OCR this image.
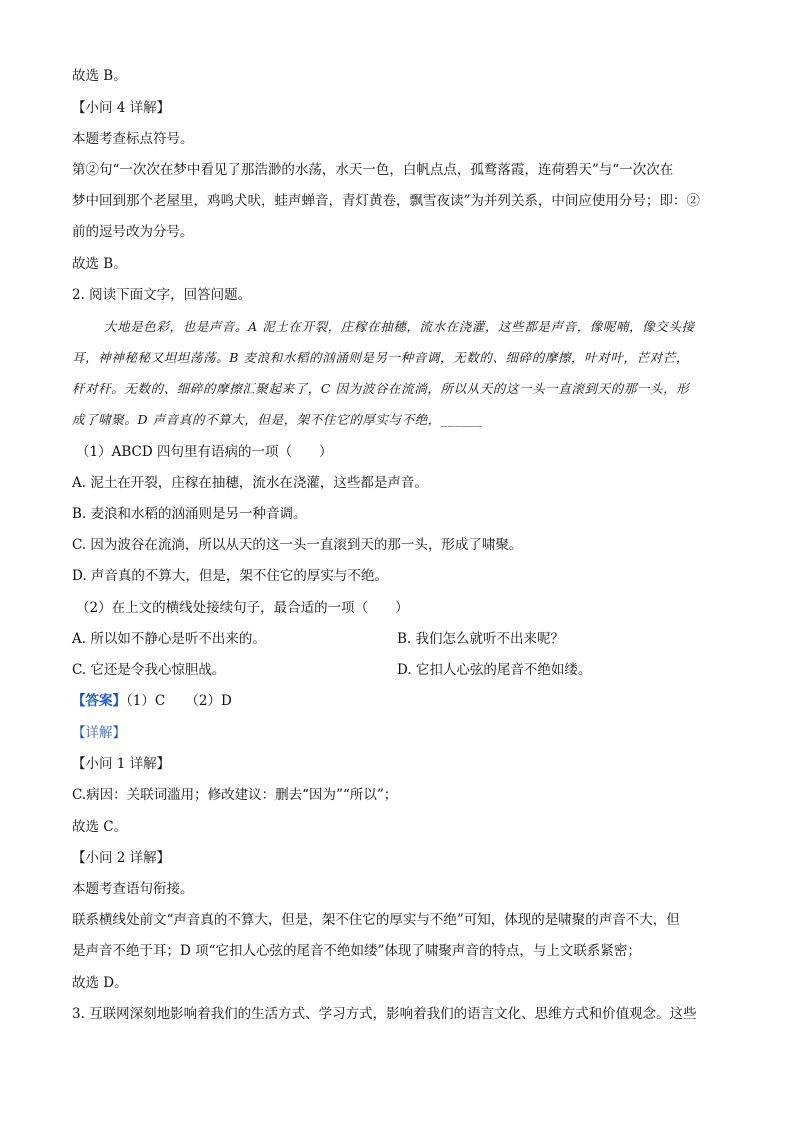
故选 B。
【小问 4 详解】
本题考查标点符号。
第②句“一次次在梦中看见了那浩渺的水荡，水天一色，白帆点点，孤鹜落霞，连荷碧天”与“一次次在
梦中回到那个老屋里，鸡鸣犬吠，蛙声蝉音，青灯黄卷，飘雪夜读”为并列关系，中间应使用分号；即：②
前的逗号改为分号。
故选 B。
2. 阅读下面文字，回答问题。
大地是色彩，也是声音。A 泥土在开裂，庄稼在抽穗，流水在浇灌，这些都是声音，像呢喃，像交头接
耳，神神秘秘又坦坦荡荡。B 麦浪和水稻的汹涌则是另一种音调，无数的、细碎的摩擦，叶对叶，芒对芒，
秆对秆。无数的、细碎的摩擦汇聚起来了，C 因为波谷在流淌，所以从天的这一头一直滚到天的那一头，形
成了啸聚。D 声音真的不算大，但是，架不住它的厚实与不绝，______
（1）ABCD 四句里有语病的一项（　　）
A. 泥土在开裂，庄稼在抽穗，流水在浇灌，这些都是声音。
B. 麦浪和水稻的汹涌则是另一种音调。
C. 因为波谷在流淌，所以从天的这一头一直滚到天的那一头，形成了啸聚。
D. 声音真的不算大，但是，架不住它的厚实与不绝。
（2）在上文的横线处接续句子，最合适的一项（　　）
A. 所以如不静心是听不出来的。	B. 我们怎么就听不出来呢？
C. 它还是令我心惊胆战。	D. 它扣人心弦的尾音不绝如缕。
【答案】（1）C　　（2）D
【详解】
【小问 1 详解】
C.病因：关联词滥用；修改建议：删去“因为”“所以”；
故选 C。
【小问 2 详解】
本题考查语句衔接。
联系横线处前文“声音真的不算大，但是，架不住它的厚实与不绝”可知，体现的是啸聚的声音不大，但
是声音不绝于耳；D 项“它扣人心弦的尾音不绝如缕”体现了啸聚声音的特点，与上文联系紧密；
故选 D。
3. 互联网深刻地影响着我们的生活方式、学习方式，影响着我们的语言文化、思维方式和价值观念。这些
